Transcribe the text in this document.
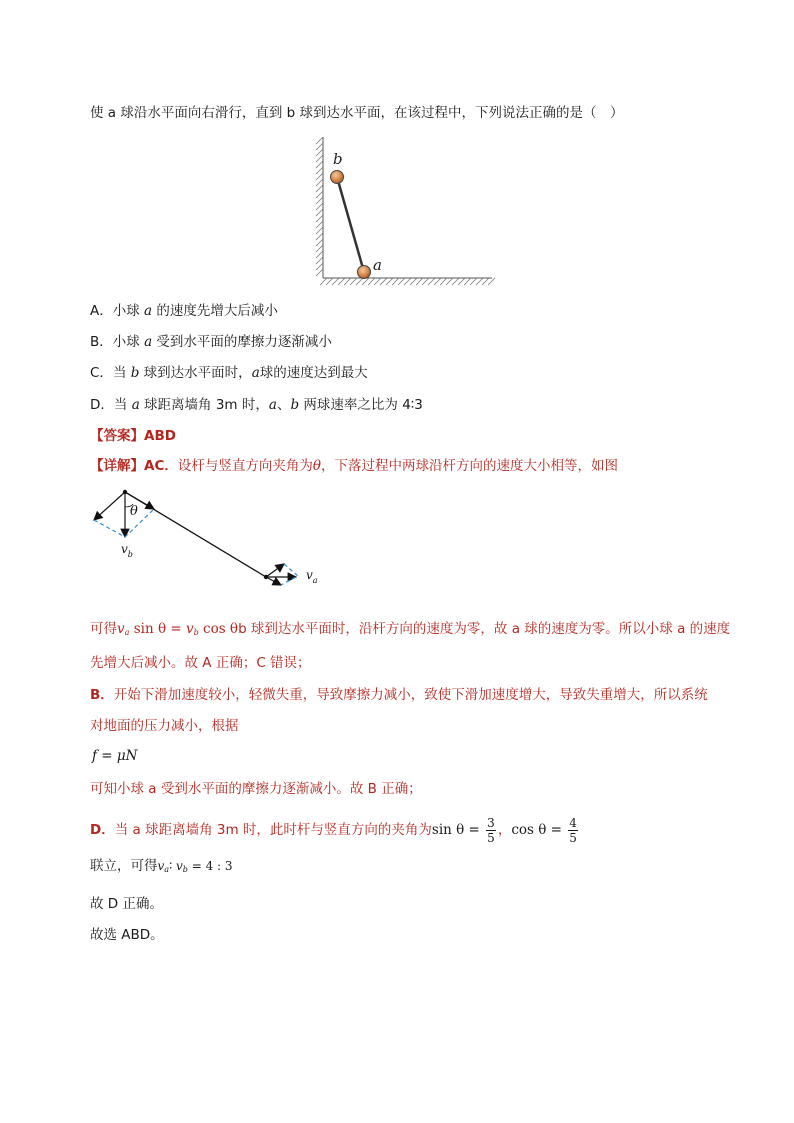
使 a 球沿水平面向右滑行，直到 b 球到达水平面，在该过程中，下列说法正确的是（　）
b
a
A．小球 a 的速度先增大后减小
B．小球 a 受到水平面的摩擦力逐渐减小
C．当 b 球到达水平面时，a球的速度达到最大
D．当 a 球距离墙角 3m 时，a、b 两球速率之比为 4∶3
【答案】ABD
【详解】AC．设杆与竖直方向夹角为θ，下落过程中两球沿杆方向的速度大小相等，如图
θ
$v_b$
$v_a$
可得$v_a$ $\sin \theta = v_b$ cos θb 球到达水平面时，沿杆方向的速度为零，故 a 球的速度为零。所以小球 a 的速度
先增大后减小。故 A 正确；C 错误；
B．开始下滑加速度较小，轻微失重，导致摩擦力减小，致使下滑加速度增大，导致失重增大，所以系统
对地面的压力减小，根据
f = μN
可知小球 a 受到水平面的摩擦力逐渐减小。故 B 正确；
D．当 a 球距离墙角 3m 时，此时杆与竖直方向的夹角为$\sin \theta = \frac{3}{5}$ ，$\cos \theta = \frac{4}{5}$
联立，可得$v_a∶$ $v_b = 4$ : 3
故 D 正确。
故选 ABD。
